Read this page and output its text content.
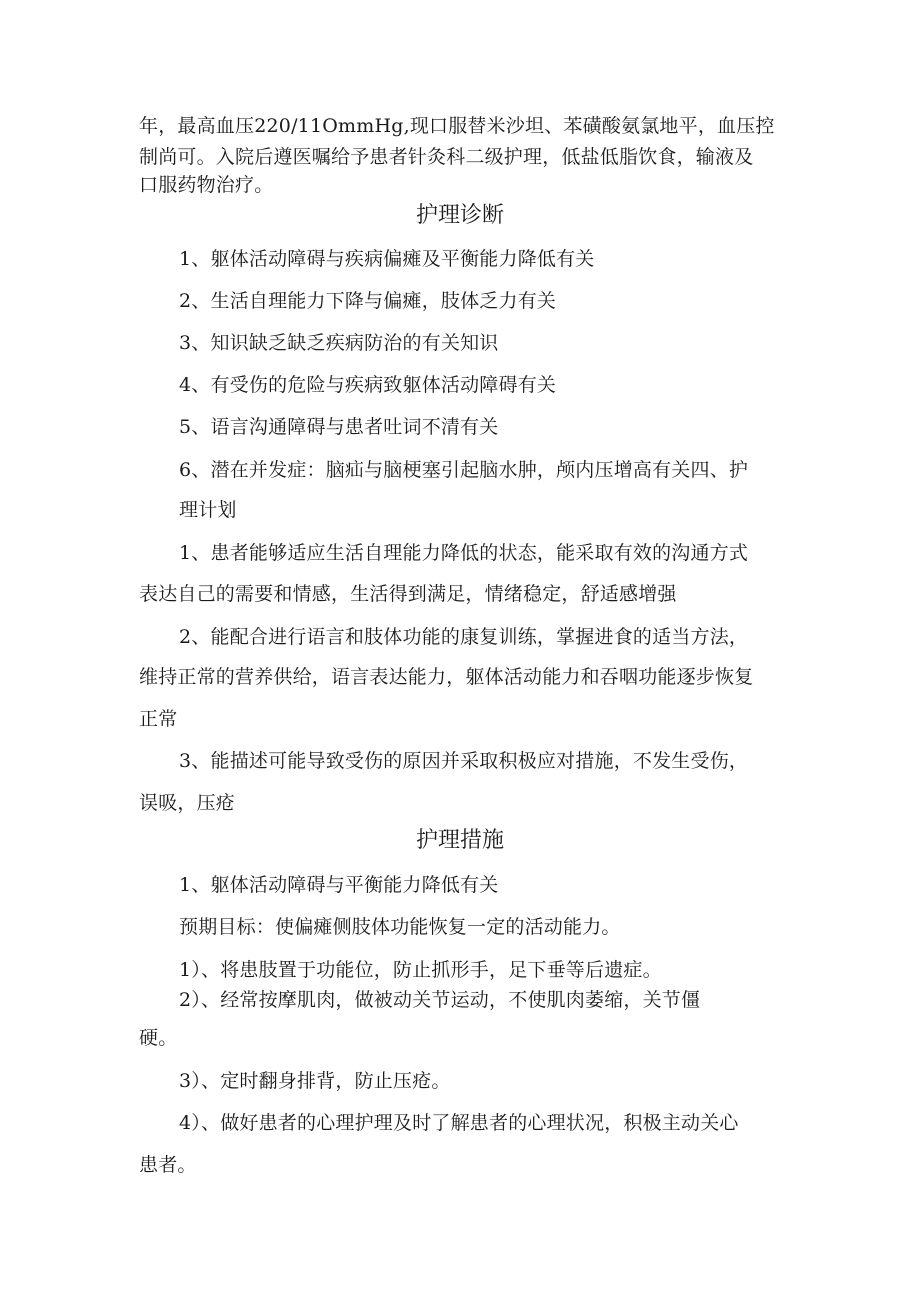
年，最高血压220/11OmmHg,现口服替米沙坦、苯磺酸氨氯地平，血压控
制尚可。入院后遵医嘱给予患者针灸科二级护理，低盐低脂饮食，输液及
口服药物治疗。
护理诊断
1、躯体活动障碍与疾病偏瘫及平衡能力降低有关
2、生活自理能力下降与偏瘫，肢体乏力有关
3、知识缺乏缺乏疾病防治的有关知识
4、有受伤的危险与疾病致躯体活动障碍有关
5、语言沟通障碍与患者吐词不清有关
6、潜在并发症：脑疝与脑梗塞引起脑水肿，颅内压增高有关四、护
理计划
1、患者能够适应生活自理能力降低的状态，能采取有效的沟通方式
表达自己的需要和情感，生活得到满足，情绪稳定，舒适感增强
2、能配合进行语言和肢体功能的康复训练，掌握进食的适当方法，
维持正常的营养供给，语言表达能力，躯体活动能力和吞咽功能逐步恢复
正常
3、能描述可能导致受伤的原因并采取积极应对措施，不发生受伤，
误吸，压疮
护理措施
1、躯体活动障碍与平衡能力降低有关
预期目标：使偏瘫侧肢体功能恢复一定的活动能力。
1）、将患肢置于功能位，防止抓形手，足下垂等后遗症。
2）、经常按摩肌肉，做被动关节运动，不使肌肉萎缩，关节僵
硬。
3）、定时翻身排背，防止压疮。
4）、做好患者的心理护理及时了解患者的心理状况，积极主动关心
患者。
